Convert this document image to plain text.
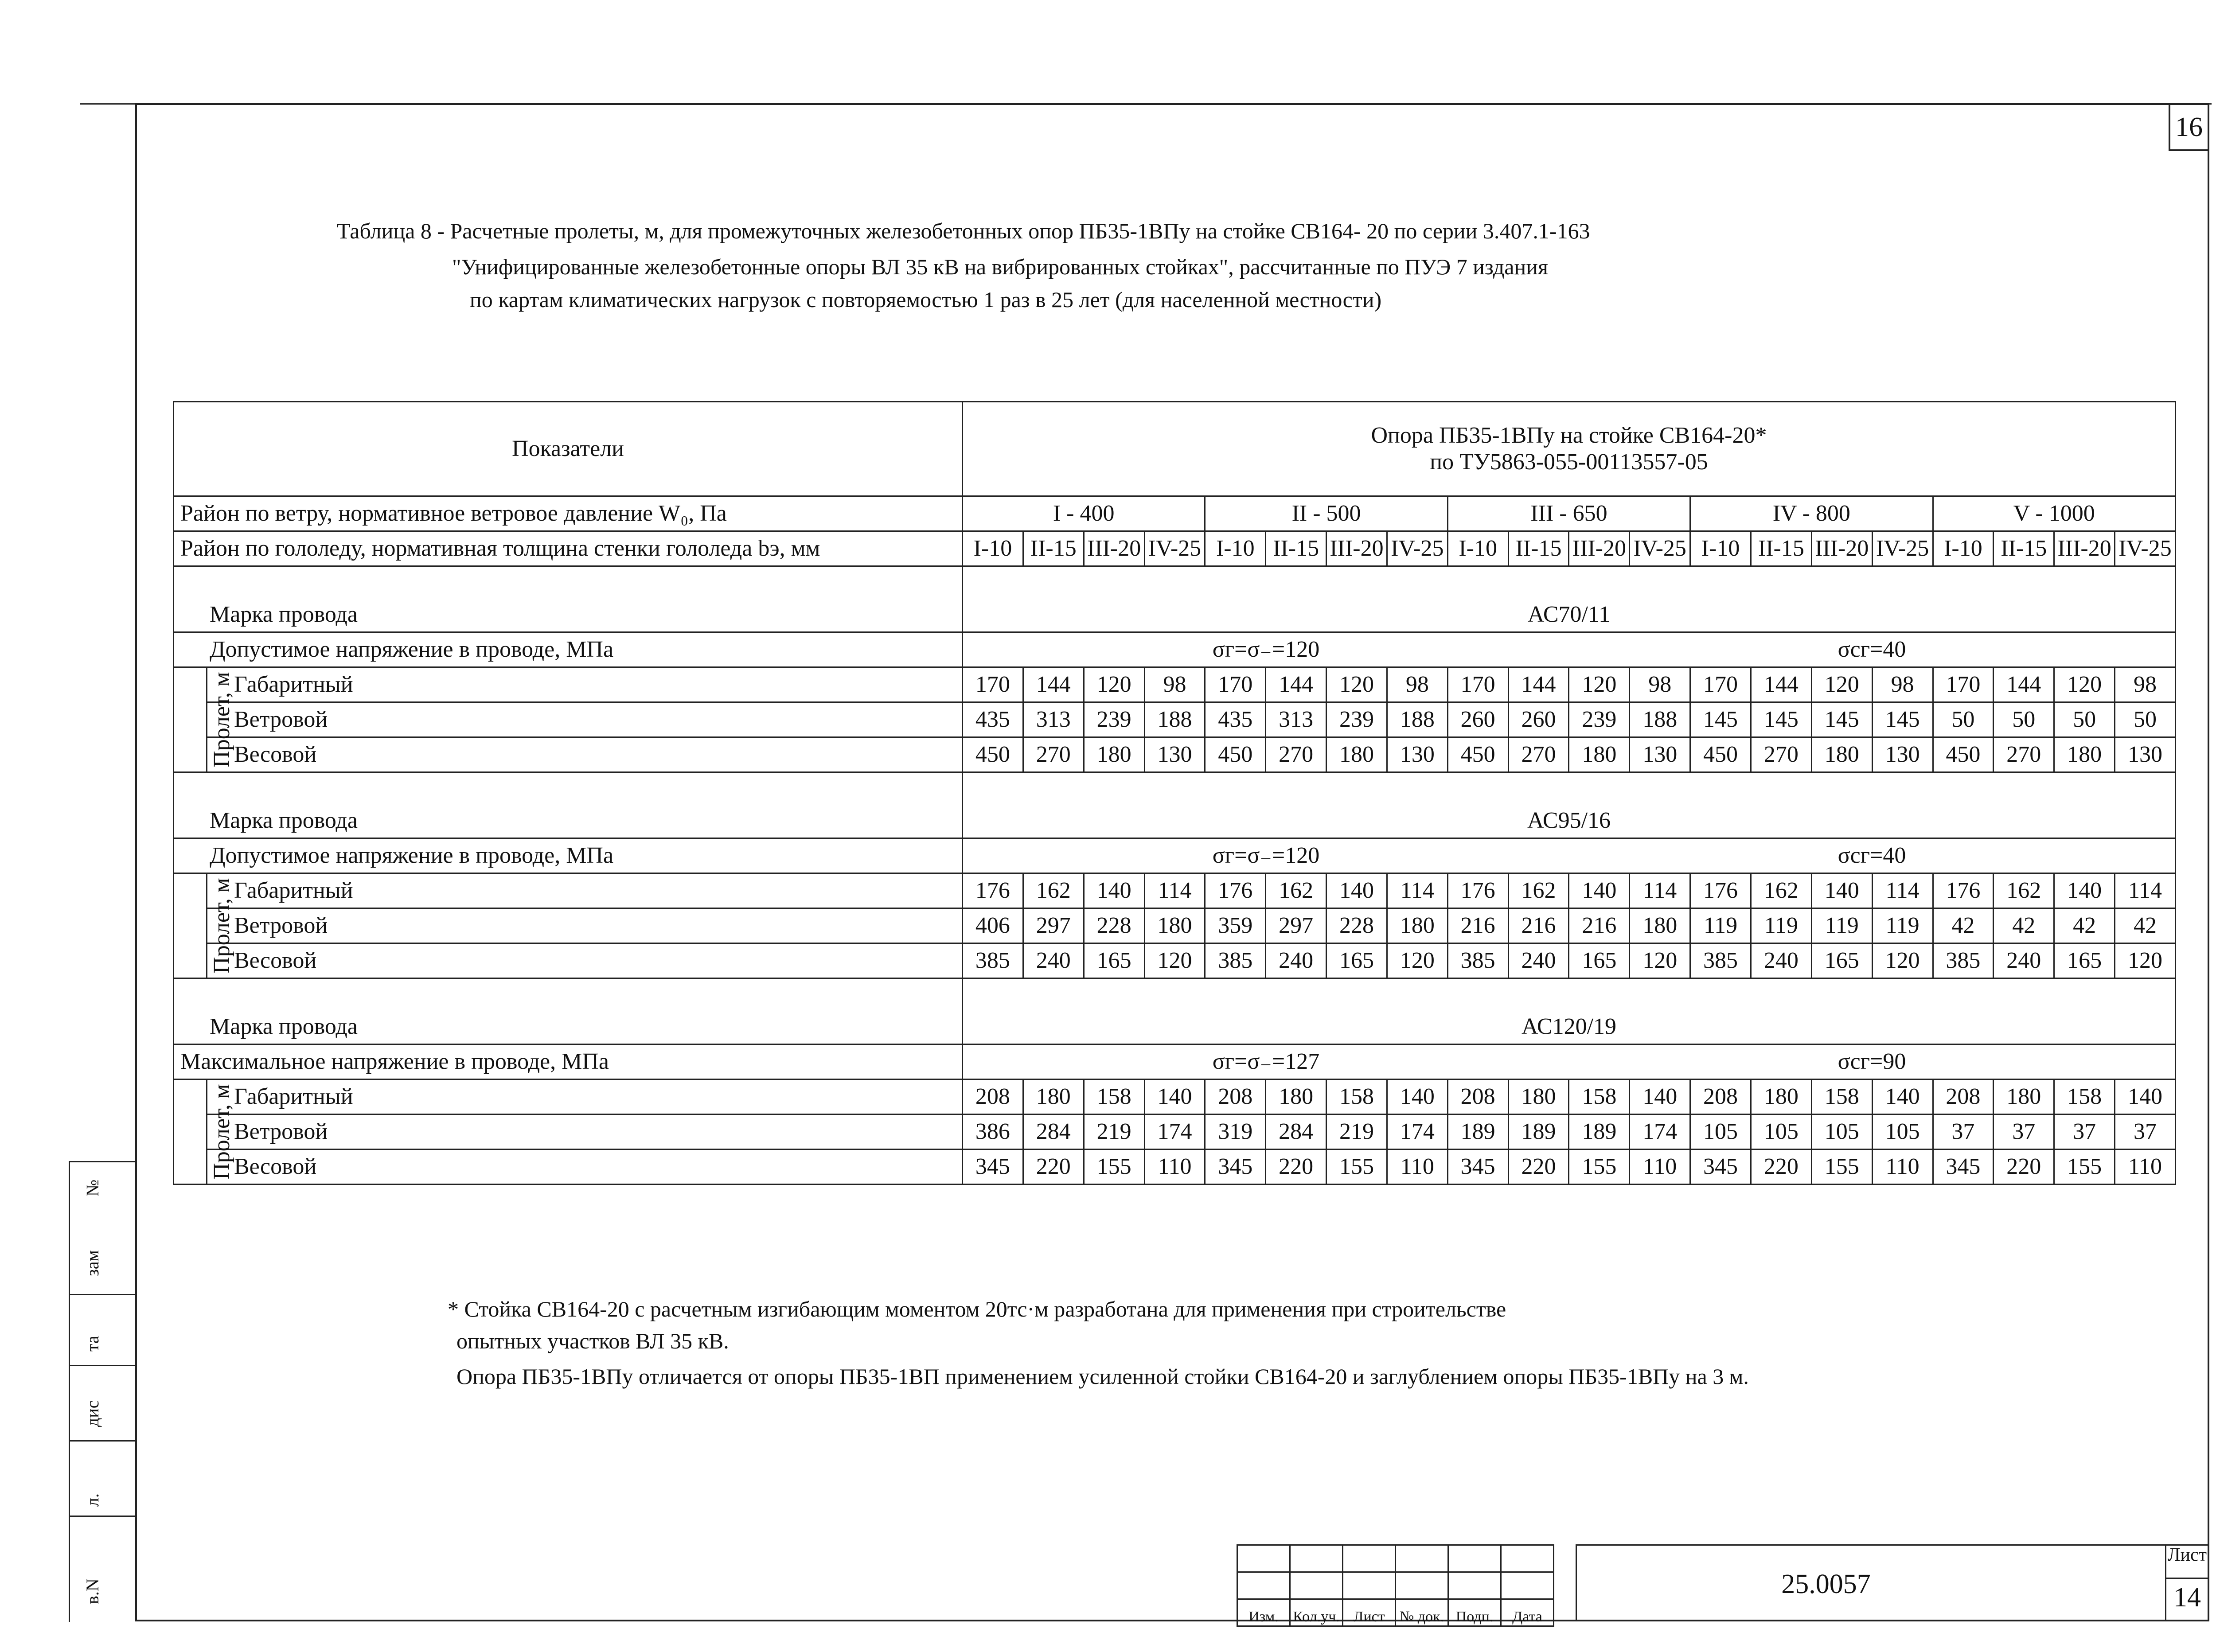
16
Таблица 8 - Расчетные пролеты, м, для промежуточных железобетонных опор ПБ35-1ВПу на стойке СВ164- 20 по серии 3.407.1-163
"Унифицированные железобетонные опоры ВЛ 35 кВ на вибрированных стойках", рассчитанные по ПУЭ 7 издания
по картам климатических нагрузок с повторяемостью 1 раз в 25 лет (для населенной местности)
Показатели		Опора ПБ35-1ВПу на стойке СВ164-20*
по ТУ5863-055-00113557-05																			

Район по ветру, нормативное ветровое давление W₀, Па		I - 400				II - 500				III - 650				IV - 800				V - 1000			
Район по гололеду, нормативная толщина стенки гололеда bэ, мм		I-10	II-15	III-20	IV-25	I-10	II-15	III-20	IV-25	I-10	II-15	III-20	IV-25	I-10	II-15	III-20	IV-25	I-10	II-15	III-20	IV-25

Марка провода		АС70/11																			
Допустимое напряжение в проводе, МПа		σг=σ₋=120										σсг=40									
Пролет, м	Габаритный	170	144	120	98	170	144	120	98	170	144	120	98	170	144	120	98	170	144	120	98
	Ветровой	435	313	239	188	435	313	239	188	260	260	239	188	145	145	145	145	50	50	50	50
	Весовой	450	270	180	130	450	270	180	130	450	270	180	130	450	270	180	130	450	270	180	130

Марка провода		АС95/16																			
Допустимое напряжение в проводе, МПа		σг=σ₋=120										σсг=40									
Пролет, м	Габаритный	176	162	140	114	176	162	140	114	176	162	140	114	176	162	140	114	176	162	140	114
	Ветровой	406	297	228	180	359	297	228	180	216	216	216	180	119	119	119	119	42	42	42	42
	Весовой	385	240	165	120	385	240	165	120	385	240	165	120	385	240	165	120	385	240	165	120

Марка провода		АС120/19																			
Максимальное напряжение в проводе, МПа		σг=σ₋=127										σсг=90									
Пролет, м	Габаритный	208	180	158	140	208	180	158	140	208	180	158	140	208	180	158	140	208	180	158	140
	Ветровой	386	284	219	174	319	284	219	174	189	189	189	174	105	105	105	105	37	37	37	37
	Весовой	345	220	155	110	345	220	155	110	345	220	155	110	345	220	155	110	345	220	155	110
* Стойка СВ164-20 с расчетным изгибающим моментом 20тс·м разработана для применения при строительстве
опытных участков ВЛ 35 кВ.
Опора ПБ35-1ВПу отличается от опоры ПБ35-1ВП применением усиленной стойки СВ164-20 и заглублением опоры ПБ35-1ВПу на 3 м.
№
зам
та
дис
л.
в.N

Изм.	Кол.уч.	Лист	№ док.	Подп.	Дата
25.0057
Лист
14
